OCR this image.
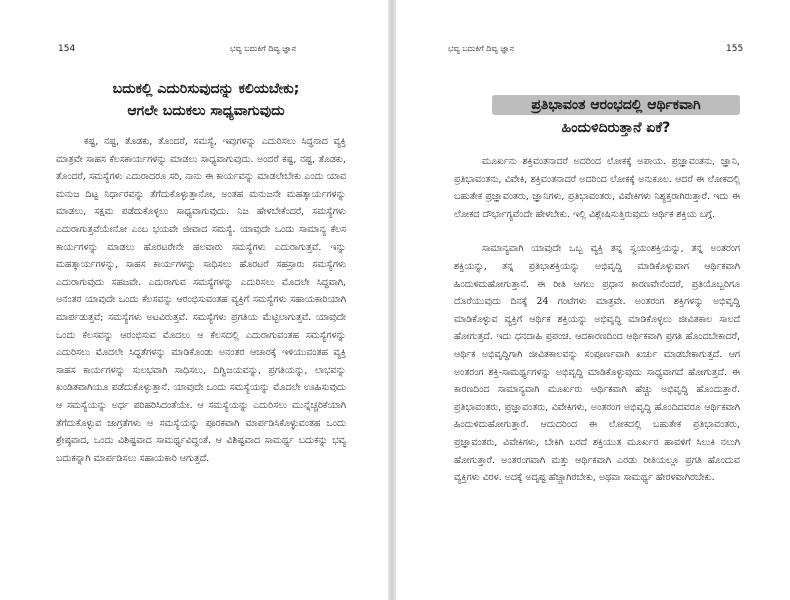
154	ಭವ್ಯ ಬದುಕಿಗೆ ದಿವ್ಯ ಜ್ಞಾನ
ಬದುಕಲ್ಲಿ ಎದುರಿಸುವುದನ್ನು ಕಲಿಯಬೇಕು;
ಆಗಲೇ ಬದುಕಲು ಸಾಧ್ಯವಾಗುವುದು

ಕಷ್ಟ, ನಷ್ಟ, ತೊಡಕು, ತೊಂದರೆ, ಸಮಸ್ಯೆ, ಇವುಗಳನ್ನು ಎದುರಿಸಲು ಸಿದ್ಧನಾದ ವ್ಯಕ್ತಿ ಮಾತ್ರವೇ ಸಾಹಸ ಕೆಲಸಕಾರ್ಯಗಳನ್ನು ಮಾಡಲು ಸಾಧ್ಯವಾಗುವುದು. ಅಂದರೆ ಕಷ್ಟ, ನಷ್ಟ, ತೊಡಕು, ತೊಂದರೆ, ಸಮಸ್ಯೆಗಳು ಎದುರಾದರೂ ಸರಿ, ನಾನು ಈ ಕಾರ್ಯವನ್ನು ಮಾಡಲೇಬೇಕು ಎಂದು ಯಾವ ಮನುಜ ದಿಟ್ಟ ನಿರ್ಧಾರವನ್ನು ತೆಗೆದುಕೊಳ್ಳುತ್ತಾನೋ, ಅಂತಹ ಮನುಜನೇ ಮಹತ್ಕಾರ್ಯಗಳನ್ನು ಮಾಡಲು, ಸಕ್ಷಮ ಪಡೆದುಕೊಳ್ಳಲು ಸಾಧ್ಯವಾಗುವುದು. ನಿಜ ಹೇಳಬೇಕೆಂದರೆ, ಸಮಸ್ಯೆಗಳು ಎದುರಾಗುತ್ತವೆಯೇನೋ ಎಂಬ ಭಯವೇ ಜೀವಾದ ಸಮಸ್ಯೆ. ಯಾವುದೇ ಒಂದು ಸಾಮಾನ್ಯ ಕೆಲಸ ಕಾರ್ಯಗಳನ್ನು ಮಾಡಲು ಹೊರಟರೇನೇ ಹಲವಾರು ಸಮಸ್ಯೆಗಳು ಎದುರಾಗುತ್ತವೆ. ಇನ್ನು ಮಹತ್ಕಾರ್ಯಗಳನ್ನು, ಸಾಹಸ ಕಾರ್ಯಗಳನ್ನು ಸಾಧಿಸಲು ಹೊರಟರೆ ಸಹಸ್ರಾರು ಸಮಸ್ಯೆಗಳು ಎದುರಾಗುವುದು ಸಹಜವೇ. ಎದುರಾಗುವ ಸಮಸ್ಯೆಗಳನ್ನು ಎದುರಿಸಲು ಮೊದಲೇ ಸಿದ್ಧವಾಗಿ, ಅನಂತರ ಯಾವುದೇ ಒಂದು ಕೆಲಸವನ್ನು ಆರಂಭಿಸುವಂತಹ ವ್ಯಕ್ತಿಗೆ ಸಮಸ್ಯೆಗಳು ಸಹಾಯಕಾರಿಯಾಗಿ ಮಾರ್ಪಡುತ್ತವೆ; ಸಮಸ್ಯೆಗಳು ಅಟವಿರುತ್ತವೆ. ಸಮಸ್ಯೆಗಳು ಪ್ರಗತಿಯ ಮೆಟ್ಟಿಲಾಗುತ್ತವೆ. ಯಾವುದೇ ಒಂದು ಕೆಲಸವನ್ನು ಆರಂಭಿಸುವ ಮೊದಲು ಆ ಕೆಲಸದಲ್ಲಿ ಎದುರಾಗುವಂತಹ ಸಮಸ್ಯೆಗಳನ್ನು ಎದುರಿಸಲು ಮೊದಲೇ ಸಿದ್ಧತೆಗಳನ್ನು ಮಾಡಿಕೊಂಡು ಅನಂತರ ಆಚಾರಕ್ಕೆ ಇಳಿಯುವಂತಹ ವ್ಯಕ್ತಿ ಸಾಹಸ ಕಾರ್ಯಗಳನ್ನು ಸುಲಭವಾಗಿ ಸಾಧಿಸಲು, ದಿಗ್ವಿಜಯವನ್ನು, ಪ್ರಗತಿಯನ್ನು, ಲಾಭವನ್ನು ಖಂಡಿತವಾಗಿಯೂ ಪಡೆದುಕೊಳ್ಳುತ್ತಾನೆ. ಯಾವುದೇ ಒಂದು ಸಮಸ್ಯೆಯನ್ನು ಮೊದಲೇ ಊಹಿಸುವುದು ಆ ಸಮಸ್ಯೆಯನ್ನು ಅರ್ಧ ಪರಿಹರಿಸಿದಂತೆಯೇ. ಆ ಸಮಸ್ಯೆಯನ್ನು ಎದುರಿಸಲು ಮುನ್ನೆಚ್ಚರಿಕೆಯಾಗಿ ತೆಗೆದುಕೊಳ್ಳುವ ಜಾಗ್ರತೆಗಳು ಆ ಸಮಸ್ಯೆಯನ್ನು ಪೂರಕವಾಗಿ ಮಾರ್ಪಡಿಸಿಕೊಳ್ಳುವಂತಹ ಒಂದು ಶ್ರೇಷ್ಠವಾದ, ಒಂದು ವಿಶಿಷ್ಟವಾದ ಸಾಮರ್ಥ್ಯವಿದ್ದಂತೆ. ಆ ವಿಶಿಷ್ಟವಾದ ಸಾಮರ್ಥ್ಯ ಬದುಕನ್ನು ಭವ್ಯ ಬದುಕನ್ನಾಗಿ ಮಾರ್ಪಡಿಸಲು ಸಹಾಯಕಾರಿ ಆಗುತ್ತದೆ.

ಭವ್ಯ ಬದುಕಿಗೆ ದಿವ್ಯ ಜ್ಞಾನ	155
ಪ್ರತಿಭಾವಂತ ಆರಂಭದಲ್ಲಿ ಆರ್ಥಿಕವಾಗಿ
ಹಿಂದುಳಿದಿರುತ್ತಾನೆ ಏಕೆ?

ಮೂರ್ಖನು ಶಕ್ತಿವಂತನಾದರೆ ಅದರಿಂದ ಲೋಕಕ್ಕೆ ಅಪಾಯ. ಪ್ರಜ್ಞಾವಂತನು, ಜ್ಞಾನಿ, ಪ್ರತಿಭಾವಂತನು, ವಿವೇಕಿ, ಶಕ್ತಿವಂತನಾದರೆ ಅದರಿಂದ ಲೋಕಕ್ಕೆ ಅನುಕೂಲ. ಆದರೆ ಈ ಲೋಕದಲ್ಲಿ ಬಹುತೇಕ ಪ್ರಜ್ಞಾವಂತರು, ಜ್ಞಾನಿಗಳು, ಪ್ರತಿಭಾವಂತರು, ವಿವೇಕಿಗಳು ನಿಶ್ಯಕ್ತರಾಗಿರುತ್ತಾರೆ. ಇದು ಈ ಲೋಕದ ದೌರ್ಭಾಗ್ಯವೆಂದೇ ಹೇಳಬೇಕು. ಇಲ್ಲಿ ವಿಶ್ಲೇಷಿಸುತ್ತಿರುವುದು ಆರ್ಥಿಕ ಶಕ್ತಿಯ ಬಗ್ಗೆ.

ಸಾಮಾನ್ಯವಾಗಿ ಯಾವುದೇ ಒಬ್ಬ ವ್ಯಕ್ತಿ ತನ್ನ ಸ್ವಯಂಶಕ್ತಿಯನ್ನು, ತನ್ನ ಅಂತರಂಗ ಶಕ್ತಿಯನ್ನು, ತನ್ನ ಪ್ರತಿಭಾಶಕ್ತಿಯನ್ನು ಅಭಿವೃದ್ಧಿ ಮಾಡಿಕೊಳ್ಳುವಾಗ ಆರ್ಥಿಕವಾಗಿ ಹಿಂದುಳಿದುಹೋಗುತ್ತಾನೆ. ಈ ರೀತಿ ಆಗಲು ಪ್ರಧಾನ ಕಾರಣವೇನೆಂದರೆ, ಪ್ರತಿಯೊಬ್ಬರಿಗೂ ದೊರೆಯುವುದು ದಿನಕ್ಕೆ 24 ಗಂಟೆಗಳು ಮಾತ್ರವೇ. ಅಂತರಂಗ ಶಕ್ತಿಗಳನ್ನು ಅಭಿವೃದ್ಧಿ ಮಾಡಿಕೊಳ್ಳುವ ವ್ಯಕ್ತಿಗೆ ಆರ್ಥಿಕ ಶಕ್ತಿಯನ್ನು ಅಭಿವೃದ್ಧಿ ಮಾಡಿಕೊಳ್ಳಲು ಜೀವಿತಕಾಲ ಸಾಲದೆ ಹೋಗುತ್ತದೆ. ಇದು ಧನದಾಹಿ ಪ್ರಪಂಚ. ಆದಕಾರಣದಿಂದ ಆರ್ಥಿಕವಾಗಿ ಪ್ರಗತಿ ಹೊಂದಬೇಕಾದರೆ, ಆರ್ಥಿಕ ಅಭಿವೃದ್ಧಿಗಾಗಿ ಜೀವಿತಕಾಲವನ್ನು ಸಂಪೂರ್ಣವಾಗಿ ಖರ್ಚು ಮಾಡಬೇಕಾಗುತ್ತದೆ. ಆಗ ಅಂತರಂಗ ಶಕ್ತಿ-ಸಾಮರ್ಥ್ಯಗಳನ್ನು ಅಭಿವೃದ್ಧಿ ಮಾಡಿಕೊಳ್ಳುವುದು ಸಾಧ್ಯವಾಗದೆ ಹೋಗುತ್ತದೆ. ಈ ಕಾರಣದಿಂದ ಸಾಮಾನ್ಯವಾಗಿ ಮೂರ್ಖರು ಆರ್ಥಿಕವಾಗಿ ಹೆಚ್ಚು ಅಭಿವೃದ್ಧಿ ಹೊಂದುತ್ತಾರೆ. ಪ್ರತಿಭಾವಂತರು, ಪ್ರಜ್ಞಾವಂತರು, ವಿವೇಕಿಗಳು, ಅಂತರಂಗ ಅಭಿವೃದ್ಧಿ ಹೊಂದಿದವರೂ ಆರ್ಥಿಕವಾಗಿ ಹಿಂದುಳಿದುಹೋಗುತ್ತಾರೆ. ಆದುದರಿಂದ ಈ ಲೋಕದಲ್ಲಿ ಬಹುತೇಕ ಪ್ರತಿಭಾವಂತರು, ಪ್ರಜ್ಞಾವಂತರು, ವಿವೇಕಿಗಳು, ಬೇಕಿಗಿ ಬರದೆ ಶಕ್ತಿಯುತ ಮೂರ್ಖರ ಹಾವಳಿಗೆ ಸಿಲುಕಿ ನಲುಗಿ ಹೋಗುತ್ತಾರೆ. ಅಂತರಂಗವಾಗಿ ಮತ್ತು ಆರ್ಥಿಕವಾಗಿ ಎರಡು ರೀತಿಯಲ್ಲೂ ಪ್ರಗತಿ ಹೊಂದುವ ವ್ಯಕ್ತಿಗಳು ವಿರಳ. ಅದಕ್ಕೆ ಅದೃಷ್ಟ ಹೆಚ್ಚಾಗಿರಬೇಕು, ಅಥವಾ ಸಾಮರ್ಥ್ಯ ಹೇರಳವಾಗಿರಬೇಕು.
